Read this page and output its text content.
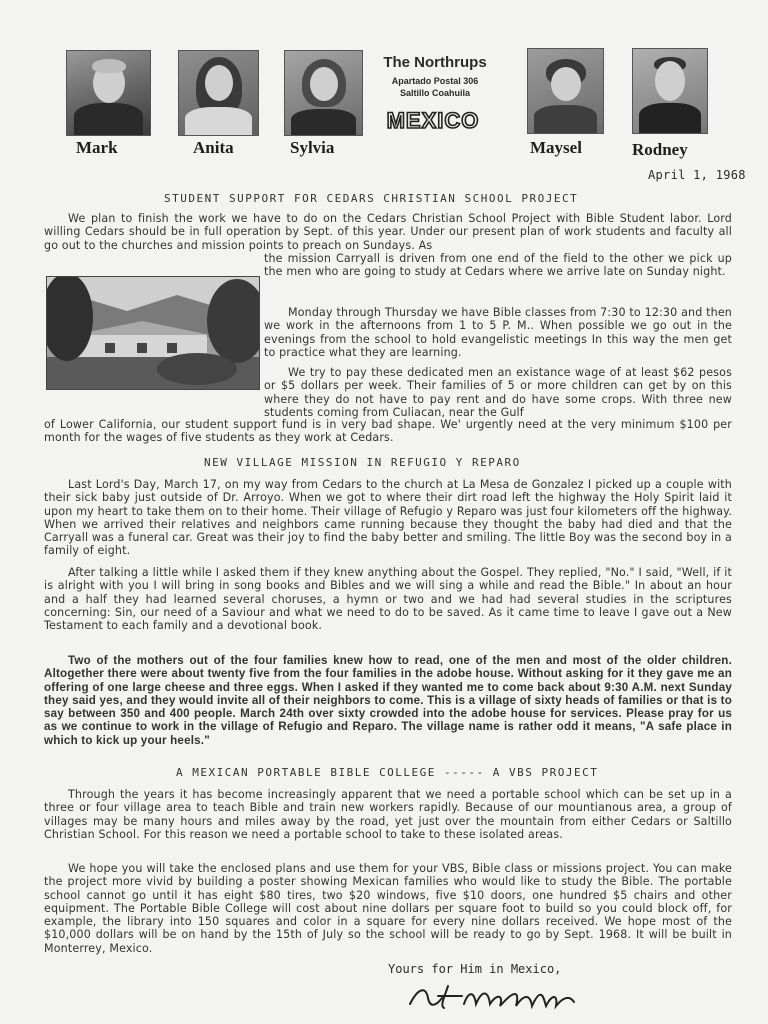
Mark	Anita	Sylvia	Maysel	Rodney
The Northrups
Apartado Postal 306
Saltillo Coahuila
MEXICO
April 1, 1968
STUDENT SUPPORT FOR CEDARS CHRISTIAN SCHOOL PROJECT
We plan to finish the work we have to do on the Cedars Christian School Project with Bible Student labor. Lord willing Cedars should be in full operation by Sept. of this year. Under our present plan of work students and faculty all go out to the churches and mission points to preach on Sundays. As
the mission Carryall is driven from one end of the field to the other we pick up the men who are going to study at Cedars where we arrive late on Sunday night.
Monday through Thursday we have Bible classes from 7:30 to 12:30 and then we work in the afternoons from 1 to 5 P. M.. When possible we go out in the evenings from the school to hold evangelistic meetings In this way the men get to practice what they are learning.
We try to pay these dedicated men an existance wage of at least $62 pesos or $5 dollars per week. Their families of 5 or more children can get by on this where they do not have to pay rent and do have some crops. With three new students coming from Culiacan, near the Gulf
of Lower California, our student support fund is in very bad shape. We' urgently need at the very minimum $100 per month for the wages of five students as they work at Cedars.
NEW VILLAGE MISSION IN REFUGIO Y REPARO
Last Lord's Day, March 17, on my way from Cedars to the church at La Mesa de Gonzalez I picked up a couple with their sick baby just outside of Dr. Arroyo. When we got to where their dirt road left the highway the Holy Spirit laid it upon my heart to take them on to their home. Their village of Refugio y Reparo was just four kilometers off the highway. When we arrived their relatives and neighbors came running because they thought the baby had died and that the Carryall was a funeral car. Great was their joy to find the baby better and smiling. The little Boy was the second boy in a family of eight.
After talking a little while I asked them if they knew anything about the Gospel. They replied, "No." I said, "Well, if it is alright with you I will bring in song books and Bibles and we will sing a while and read the Bible." In about an hour and a half they had learned several choruses, a hymn or two and we had had several studies in the scriptures concerning: Sin, our need of a Saviour and what we need to do to be saved. As it came time to leave I gave out a New Testament to each family and a devotional book.
Two of the mothers out of the four families knew how to read, one of the men and most of the older children. Altogether there were about twenty five from the four families in the adobe house. Without asking for it they gave me an offering of one large cheese and three eggs. When I asked if they wanted me to come back about 9:30 A.M. next Sunday they said yes, and they would invite all of their neighbors to come. This is a village of sixty heads of families or that is to say between 350 and 400 people. March 24th over sixty crowded into the adobe house for services. Please pray for us as we continue to work in the village of Refugio and Reparo. The village name is rather odd it means, "A safe place in which to kick up your heels."
A MEXICAN PORTABLE BIBLE COLLEGE ----- A VBS PROJECT
Through the years it has become increasingly apparent that we need a portable school which can be set up in a three or four village area to teach Bible and train new workers rapidly. Because of our mountianous area, a group of villages may be many hours and miles away by the road, yet just over the mountain from either Cedars or Saltillo Christian School. For this reason we need a portable school to take to these isolated areas.
We hope you will take the enclosed plans and use them for your VBS, Bible class or missions project. You can make the project more vivid by building a poster showing Mexican families who would like to study the Bible. The portable school cannot go until it has eight $80 tires, two $20 windows, five $10 doors, one hundred $5 chairs and other equipment. The Portable Bible College will cost about nine dollars per square foot to build so you could block off, for example, the library into 150 squares and color in a square for every nine dollars received. We hope most of the $10,000 dollars will be on hand by the 15th of July so the school will be ready to go by Sept. 1968. It will be built in Monterrey, Mexico.
Yours for Him in Mexico,
